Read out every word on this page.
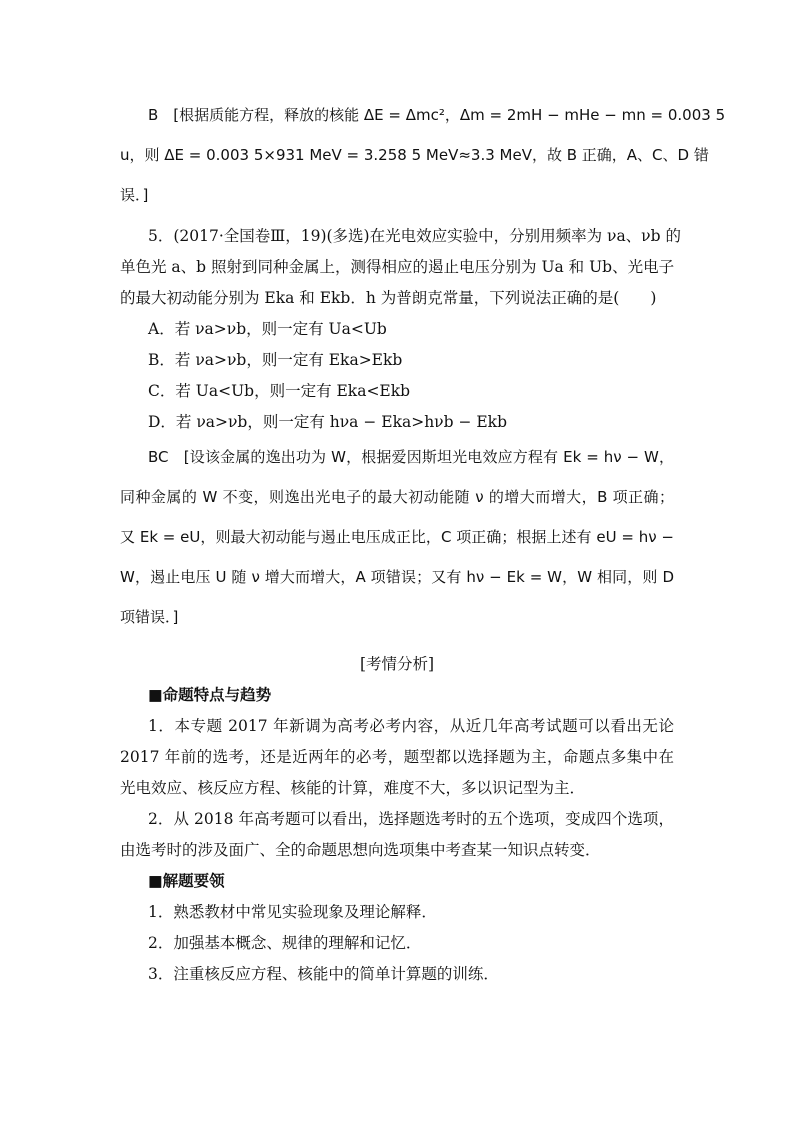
B　[根据质能方程，释放的核能 ΔE = Δmc²，Δm = 2mH − mHe − mn = 0.003 5
u，则 ΔE = 0.003 5×931 MeV = 3.258 5 MeV≈3.3 MeV，故 B 正确，A、C、D 错
误．]
5．(2017·全国卷Ⅲ，19)(多选)在光电效应实验中，分别用频率为 νa、νb 的
单色光 a、b 照射到同种金属上，测得相应的遏止电压分别为 Ua 和 Ub、光电子
的最大初动能分别为 Eka 和 Ekb．h 为普朗克常量，下列说法正确的是(　　)
A．若 νa>νb，则一定有 Ua<Ub
B．若 νa>νb，则一定有 Eka>Ekb
C．若 Ua<Ub，则一定有 Eka<Ekb
D．若 νa>νb，则一定有 hνa − Eka>hνb − Ekb
BC　[设该金属的逸出功为 W，根据爱因斯坦光电效应方程有 Ek = hν − W，
同种金属的 W 不变，则逸出光电子的最大初动能随 ν 的增大而增大，B 项正确；
又 Ek = eU，则最大初动能与遏止电压成正比，C 项正确；根据上述有 eU = hν −
W，遏止电压 U 随 ν 增大而增大，A 项错误；又有 hν − Ek = W，W 相同，则 D
项错误．]
[考情分析]
■命题特点与趋势
1．本专题 2017 年新调为高考必考内容，从近几年高考试题可以看出无论
2017 年前的选考，还是近两年的必考，题型都以选择题为主，命题点多集中在
光电效应、核反应方程、核能的计算，难度不大，多以识记型为主．
2．从 2018 年高考题可以看出，选择题选考时的五个选项，变成四个选项，
由选考时的涉及面广、全的命题思想向选项集中考查某一知识点转变．
■解题要领
1．熟悉教材中常见实验现象及理论解释．
2．加强基本概念、规律的理解和记忆．
3．注重核反应方程、核能中的简单计算题的训练．
